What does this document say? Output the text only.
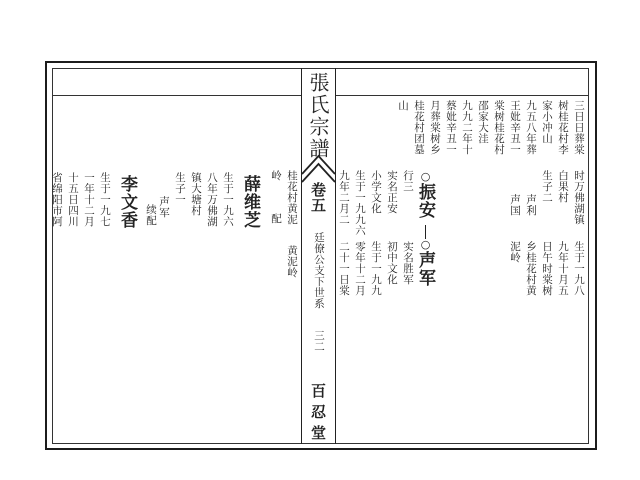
張氏宗譜
卷五
廷僚公支下世系
三二
百忍堂
三日日葬棠
树桂花村李
家小冲山
九五八年葬
王妣辛丑一
棠树桂花村
邵家大洼
九九二年十
蔡妣辛丑一
月葬棠树乡
桂花村团墓
山
时万佛湖镇
白果村
生子二
声利
声国
行三
实名正安
小学文化
生于一九九六
九年二月二	○
振安
○
声军	生于一九八
九年十月五
日午时棠树
乡桂花村黄
泥岭
实名胜军
初中文化
生于一九九
零年十二月
二十一日棠
岭 桂花村黄泥
配
黄泥岭
薛维芝
生于一九六
八年万佛湖
镇大塘村
生子一
声军
续配
李文香
生于一九七
一年十二月
十五日四川
省绵阳市阿
